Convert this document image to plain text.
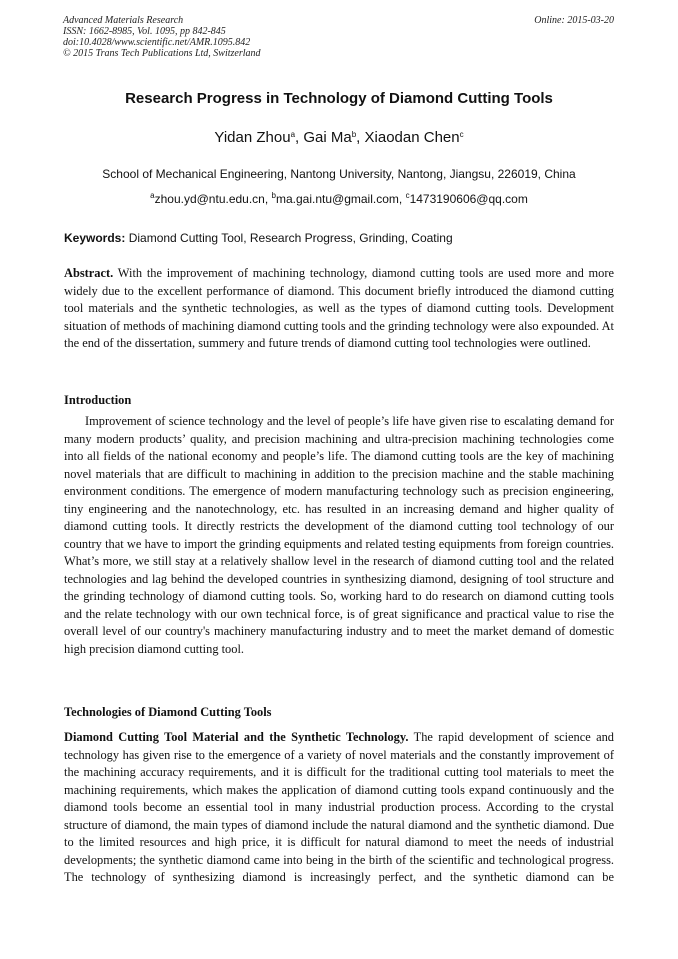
Advanced Materials Research
ISSN: 1662-8985, Vol. 1095, pp 842-845
doi:10.4028/www.scientific.net/AMR.1095.842
© 2015 Trans Tech Publications Ltd, Switzerland
Online: 2015-03-20
Research Progress in Technology of Diamond Cutting Tools
Yidan Zhou$^a$, Gai Ma$^b$, Xiaodan Chen$^c$
School of Mechanical Engineering, Nantong University, Nantong, Jiangsu, 226019, China
$^a$zhou.yd@ntu.edu.cn, $^b$ma.gai.ntu@gmail.com, $^c$1473190606@qq.com
Keywords: Diamond Cutting Tool, Research Progress, Grinding, Coating

Abstract. With the improvement of machining technology, diamond cutting tools are used more and more widely due to the excellent performance of diamond. This document briefly introduced the diamond cutting tool materials and the synthetic technologies, as well as the types of diamond cutting tools. Development situation of methods of machining diamond cutting tools and the grinding technology were also expounded. At the end of the dissertation, summery and future trends of diamond cutting tool technologies were outlined.

Introduction

Improvement of science technology and the level of people’s life have given rise to escalating demand for many modern products’ quality, and precision machining and ultra-precision machining technologies come into all fields of the national economy and people’s life. The diamond cutting tools are the key of machining novel materials that are difficult to machining in addition to the precision machine and the stable machining environment conditions. The emergence of modern manufacturing technology such as precision engineering, tiny engineering and the nanotechnology, etc. has resulted in an increasing demand and higher quality of diamond cutting tools. It directly restricts the development of the diamond cutting tool technology of our country that we have to import the grinding equipments and related testing equipments from foreign countries. What’s more, we still stay at a relatively shallow level in the research of diamond cutting tool and the related technologies and lag behind the developed countries in synthesizing diamond, designing of tool structure and the grinding technology of diamond cutting tools. So, working hard to do research on diamond cutting tools and the relate technology with our own technical force, is of great significance and practical value to rise the overall level of our country's machinery manufacturing industry and to meet the market demand of domestic high precision diamond cutting tool.

Technologies of Diamond Cutting Tools

Diamond Cutting Tool Material and the Synthetic Technology. The rapid development of science and technology has given rise to the emergence of a variety of novel materials and the constantly improvement of the machining accuracy requirements, and it is difficult for the traditional cutting tool materials to meet the machining requirements, which makes the application of diamond cutting tools expand continuously and the diamond tools become an essential tool in many industrial production process. According to the crystal structure of diamond, the main types of diamond include the natural diamond and the synthetic diamond. Due to the limited resources and high price, it is difficult for natural diamond to meet the needs of industrial developments; the synthetic diamond came into being in the birth of the scientific and technological progress. The technology of synthesizing diamond is increasingly perfect, and the synthetic diamond can be
